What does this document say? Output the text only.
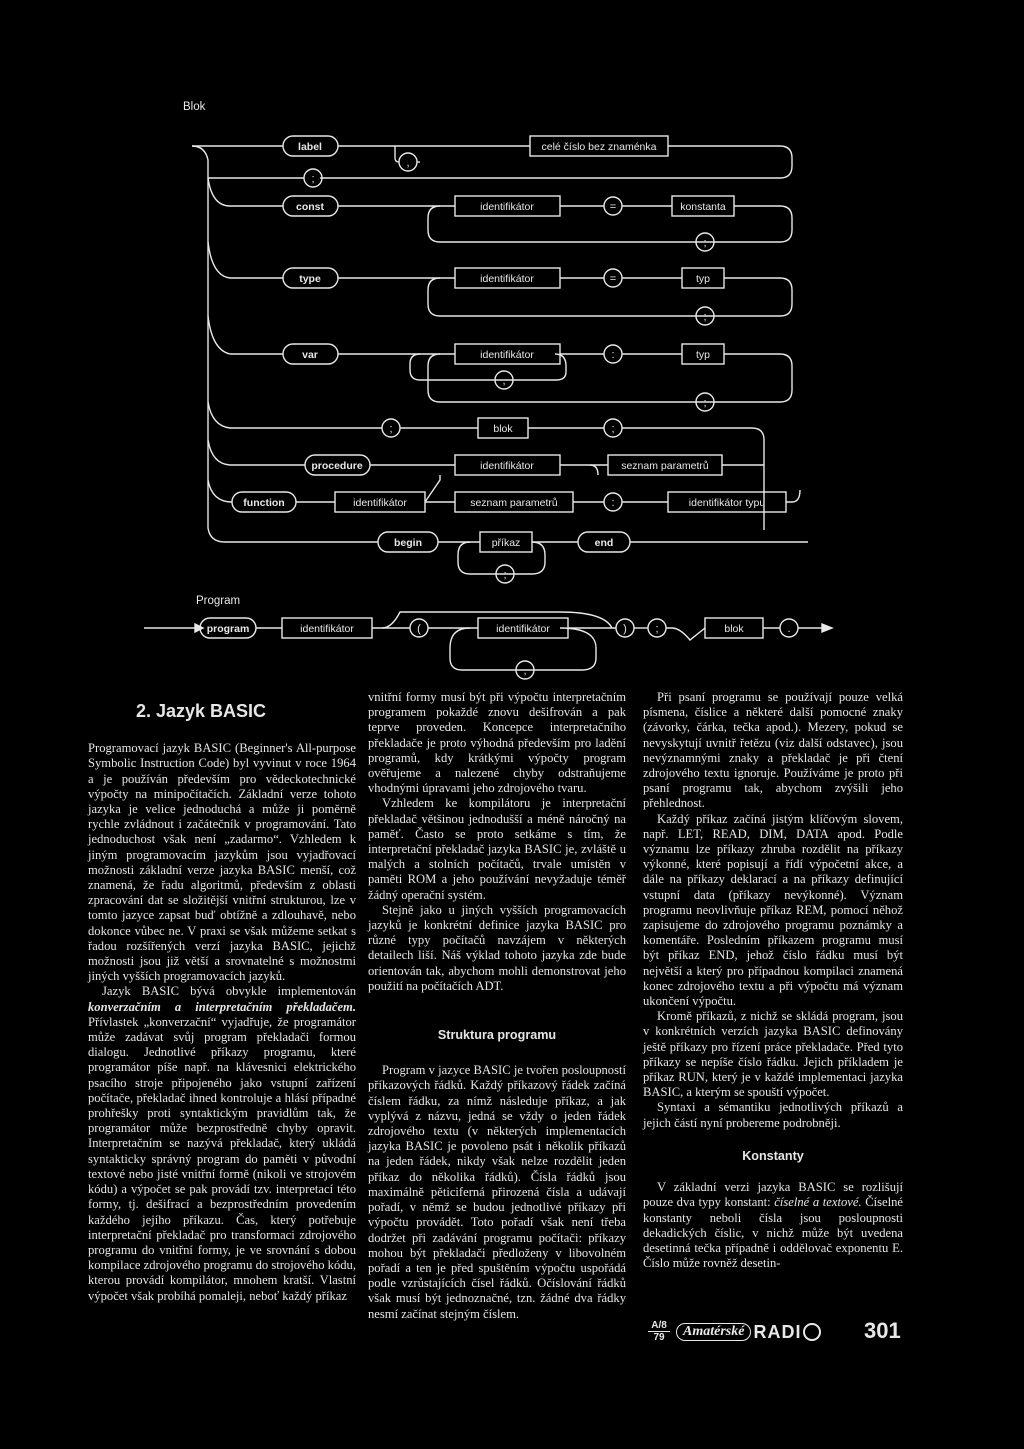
Blok
Program
label
const
type
var
procedure
function
begin	end
program
celé číslo bez znaménka
identifikátor	konstanta
identifikátor	typ
identifikátor	typ
blok
identifikátor	seznam parametrů
identifikátor	seznam parametrů	identifikátor typu
příkaz
identifikátor	identifikátor	blok
,
;
=
;
=
;
:
,
;
;	;
:
;
(	)	;	.
,
2. Jazyk BASIC

Programovací jazyk BASIC (Beginner's All-purpose Symbolic Instruction Code) byl vyvinut v roce 1964 a je používán především pro vědeckotechnické výpočty na minipočítačích. Základní verze tohoto jazyka je velice jednoduchá a může ji poměrně rychle zvládnout i začátečník v programování. Tato jednoduchost však není „zadarmo“. Vzhledem k jiným programovacím jazykům jsou vyjadřovací možnosti základní verze jazyka BASIC menší, což znamená, že řadu algoritmů, především z oblasti zpracování dat se složitější vnitřní strukturou, lze v tomto jazyce zapsat buď obtížně a zdlouhavě, nebo dokonce vůbec ne. V praxi se však můžeme setkat s řadou rozšířených verzí jazyka BASIC, jejichž možnosti jsou již větší a srovnatelné s možnostmi jiných vyšších programovacích jazyků.

Jazyk BASIC bývá obvykle implementován konverzačním a interpretačním překladačem. Přívlastek „konverzační“ vyjadřuje, že programátor může zadávat svůj program překladači formou dialogu. Jednotlivé příkazy programu, které programátor píše např. na klávesnici elektrického psacího stroje připojeného jako vstupní zařízení počítače, překladač ihned kontroluje a hlásí případné prohřešky proti syntaktickým pravidlům tak, že programátor může bezprostředně chyby opravit. Interpretačním se nazývá překladač, který ukládá syntakticky správný program do paměti v původní textové nebo jisté vnitřní formě (nikoli ve strojovém kódu) a výpočet se pak provádí tzv. interpretací této formy, tj. dešifrací a bezprostředním provedením každého jejího příkazu. Čas, který potřebuje interpretační překladač pro transformaci zdrojového programu do vnitřní formy, je ve srovnání s dobou kompilace zdrojového programu do strojového kódu, kterou provádí kompilátor, mnohem kratší. Vlastní výpočet však probíhá pomaleji, neboť každý příkaz

vnitřní formy musí být při výpočtu interpretačním programem pokaždé znovu dešifrován a pak teprve proveden. Koncepce interpretačního překladače je proto výhodná především pro ladění programů, kdy krátkými výpočty program ověřujeme a nalezené chyby odstraňujeme vhodnými úpravami jeho zdrojového tvaru.

Vzhledem ke kompilátoru je interpretační překladač většinou jednodušší a méně náročný na paměť. Často se proto setkáme s tím, že interpretační překladač jazyka BASIC je, zvláště u malých a stolních počítačů, trvale umístěn v paměti ROM a jeho používání nevyžaduje téměř žádný operační systém.

Stejně jako u jiných vyšších programovacích jazyků je konkrétní definice jazyka BASIC pro různé typy počítačů navzájem v některých detailech liší. Náš výklad tohoto jazyka zde bude orientován tak, abychom mohli demonstrovat jeho použití na počítačích ADT.

Struktura programu

Program v jazyce BASIC je tvořen posloupností příkazových řádků. Každý příkazový řádek začíná číslem řádku, za nímž následuje příkaz, a jak vyplývá z názvu, jedná se vždy o jeden řádek zdrojového textu (v některých implementacích jazyka BASIC je povoleno psát i několik příkazů na jeden řádek, nikdy však nelze rozdělit jeden příkaz do několika řádků). Čísla řádků jsou maximálně pěticiferná přirozená čísla a udávají pořadí, v němž se budou jednotlivé příkazy při výpočtu provádět. Toto pořadí však není třeba dodržet při zadávání programu počítači: příkazy mohou být překladači předloženy v libovolném pořadí a ten je před spuštěním výpočtu uspořádá podle vzrůstajících čísel řádků. Očíslování řádků však musí být jednoznačné, tzn. žádné dva řádky nesmí začínat stejným číslem.

Při psaní programu se používají pouze velká písmena, číslice a některé další pomocné znaky (závorky, čárka, tečka apod.). Mezery, pokud se nevyskytují uvnitř řetězu (viz další odstavec), jsou nevýznamnými znaky a překladač je při čtení zdrojového textu ignoruje. Používáme je proto při psaní programu tak, abychom zvýšili jeho přehlednost.

Každý příkaz začíná jistým klíčovým slovem, např. LET, READ, DIM, DATA apod. Podle významu lze příkazy zhruba rozdělit na příkazy výkonné, které popisují a řídí výpočetní akce, a dále na příkazy deklarací a na příkazy definující vstupní data (příkazy nevýkonné). Význam programu neovlivňuje příkaz REM, pomocí něhož zapisujeme do zdrojového programu poznámky a komentáře. Posledním příkazem programu musí být příkaz END, jehož číslo řádku musí být největší a který pro případnou kompilaci znamená konec zdrojového textu a při výpočtu má význam ukončení výpočtu.

Kromě příkazů, z nichž se skládá program, jsou v konkrétních verzích jazyka BASIC definovány ještě příkazy pro řízení práce překladače. Před tyto příkazy se nepíše číslo řádku. Jejich příkladem je příkaz RUN, který je v každé implementaci jazyka BASIC, a kterým se spouští výpočet.

Syntaxi a sémantiku jednotlivých příkazů a jejich částí nyní probereme podrobněji.

Konstanty

V základní verzi jazyka BASIC se rozlišují pouze dva typy konstant: číselné a textové. Číselné konstanty neboli čísla jsou posloupnosti dekadických číslic, v nichž může být uvedena desetinná tečka případně i oddělovač exponentu E. Číslo může rovněž desetin-

A/8
79	Amatérské RADI	301
